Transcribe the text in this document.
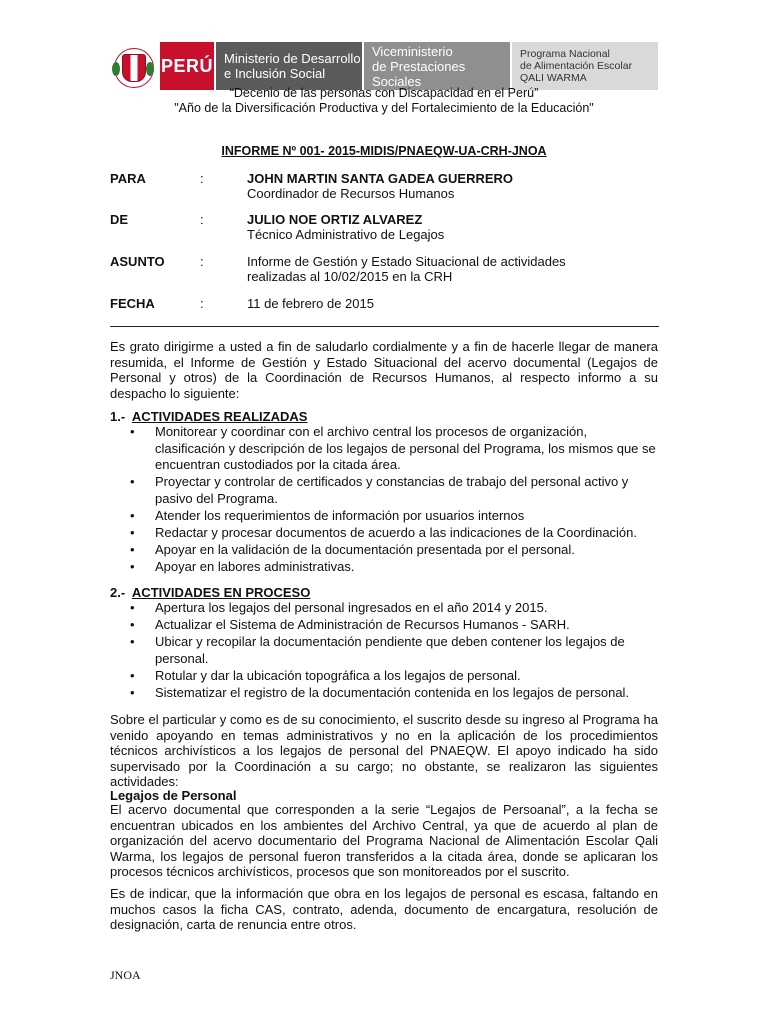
PERÚ Ministerio de Desarrollo
e Inclusión Social
Viceministerio
de Prestaciones Sociales
Programa Nacional
de Alimentación Escolar
QALI WARMA
“Decenio de las personas con Discapacidad en el Perú”
"Año de la Diversificación Productiva y del Fortalecimiento de la Educación"
INFORME Nº 001- 2015-MIDIS/PNAEQW-UA-CRH-JNOA
PARA	:	JOHN MARTIN SANTA GADEA GUERRERO
Coordinador de Recursos Humanos
DE	:	JULIO NOE ORTIZ ALVAREZ
Técnico Administrativo de Legajos
ASUNTO	:	Informe de Gestión y Estado Situacional de actividades
realizadas al 10/02/2015 en la CRH
FECHA	:	11 de febrero de 2015
Es grato dirigirme a usted a fin de saludarlo cordialmente y a fin de hacerle llegar de manera resumida, el Informe de Gestión y Estado Situacional del acervo documental (Legajos de Personal y otros) de la Coordinación de Recursos Humanos, al respecto informo a su despacho lo siguiente:
1.- ACTIVIDADES REALIZADAS
• Monitorear y coordinar con el archivo central los procesos de organización, clasificación y descripción de los legajos de personal del Programa, los mismos que se encuentran custodiados por la citada área.
• Proyectar y controlar de certificados y constancias de trabajo del personal activo y pasivo del Programa.
• Atender los requerimientos de información por usuarios internos
• Redactar y procesar documentos de acuerdo a las indicaciones de la Coordinación.
• Apoyar en la validación de la documentación presentada por el personal.
• Apoyar en labores administrativas.
2.- ACTIVIDADES EN PROCESO
• Apertura los legajos del personal ingresados en el año 2014 y 2015.
• Actualizar el Sistema de Administración de Recursos Humanos - SARH.
• Ubicar y recopilar la documentación pendiente que deben contener los legajos de personal.
• Rotular y dar la ubicación topográfica a los legajos de personal.
• Sistematizar el registro de la documentación contenida en los legajos de personal.
Sobre el particular y como es de su conocimiento, el suscrito desde su ingreso al Programa ha venido apoyando en temas administrativos y no en la aplicación de los procedimientos técnicos archivísticos a los legajos de personal del PNAEQW. El apoyo indicado ha sido supervisado por la Coordinación a su cargo; no obstante, se realizaron las siguientes actividades:
Legajos de Personal
El acervo documental que corresponden a la serie “Legajos de Persoanal”, a la fecha se encuentran ubicados en los ambientes del Archivo Central, ya que de acuerdo al plan de organización del acervo documentario del Programa Nacional de Alimentación Escolar Qali Warma, los legajos de personal fueron transferidos a la citada área, donde se aplicaran los procesos técnicos archivísticos, procesos que son monitoreados por el suscrito.
Es de indicar, que la información que obra en los legajos de personal es escasa, faltando en muchos casos la ficha CAS, contrato, adenda, documento de encargatura, resolución de designación, carta de renuncia entre otros.
JNOA
